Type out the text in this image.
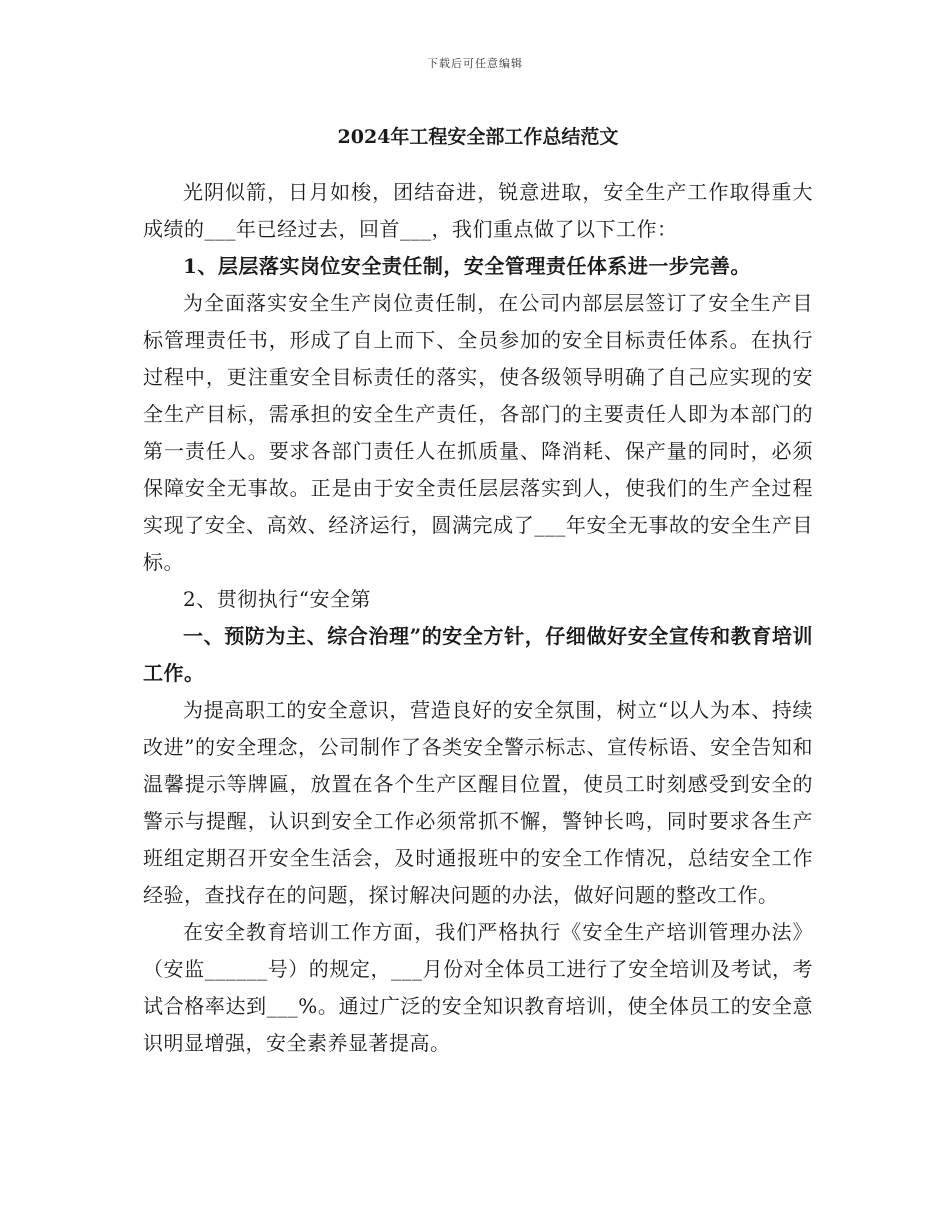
下载后可任意编辑
2024年工程安全部工作总结范文

光阴似箭，日月如梭，团结奋进，锐意进取，安全生产工作取得重大成绩的___年已经过去，回首___，我们重点做了以下工作：

1、层层落实岗位安全责任制，安全管理责任体系进一步完善。

为全面落实安全生产岗位责任制，在公司内部层层签订了安全生产目标管理责任书，形成了自上而下、全员参加的安全目标责任体系。在执行过程中，更注重安全目标责任的落实，使各级领导明确了自己应实现的安全生产目标，需承担的安全生产责任，各部门的主要责任人即为本部门的第一责任人。要求各部门责任人在抓质量、降消耗、保产量的同时，必须保障安全无事故。正是由于安全责任层层落实到人，使我们的生产全过程实现了安全、高效、经济运行，圆满完成了___年安全无事故的安全生产目标。

2、贯彻执行“安全第

一、预防为主、综合治理”的安全方针，仔细做好安全宣传和教育培训工作。

为提高职工的安全意识，营造良好的安全氛围，树立“以人为本、持续改进”的安全理念，公司制作了各类安全警示标志、宣传标语、安全告知和温馨提示等牌匾，放置在各个生产区醒目位置，使员工时刻感受到安全的警示与提醒，认识到安全工作必须常抓不懈，警钟长鸣，同时要求各生产班组定期召开安全生活会，及时通报班中的安全工作情况，总结安全工作经验，查找存在的问题，探讨解决问题的办法，做好问题的整改工作。

在安全教育培训工作方面，我们严格执行《安全生产培训管理办法》（安监______号）的规定，___月份对全体员工进行了安全培训及考试，考试合格率达到___%。通过广泛的安全知识教育培训，使全体员工的安全意识明显增强，安全素养显著提高。
